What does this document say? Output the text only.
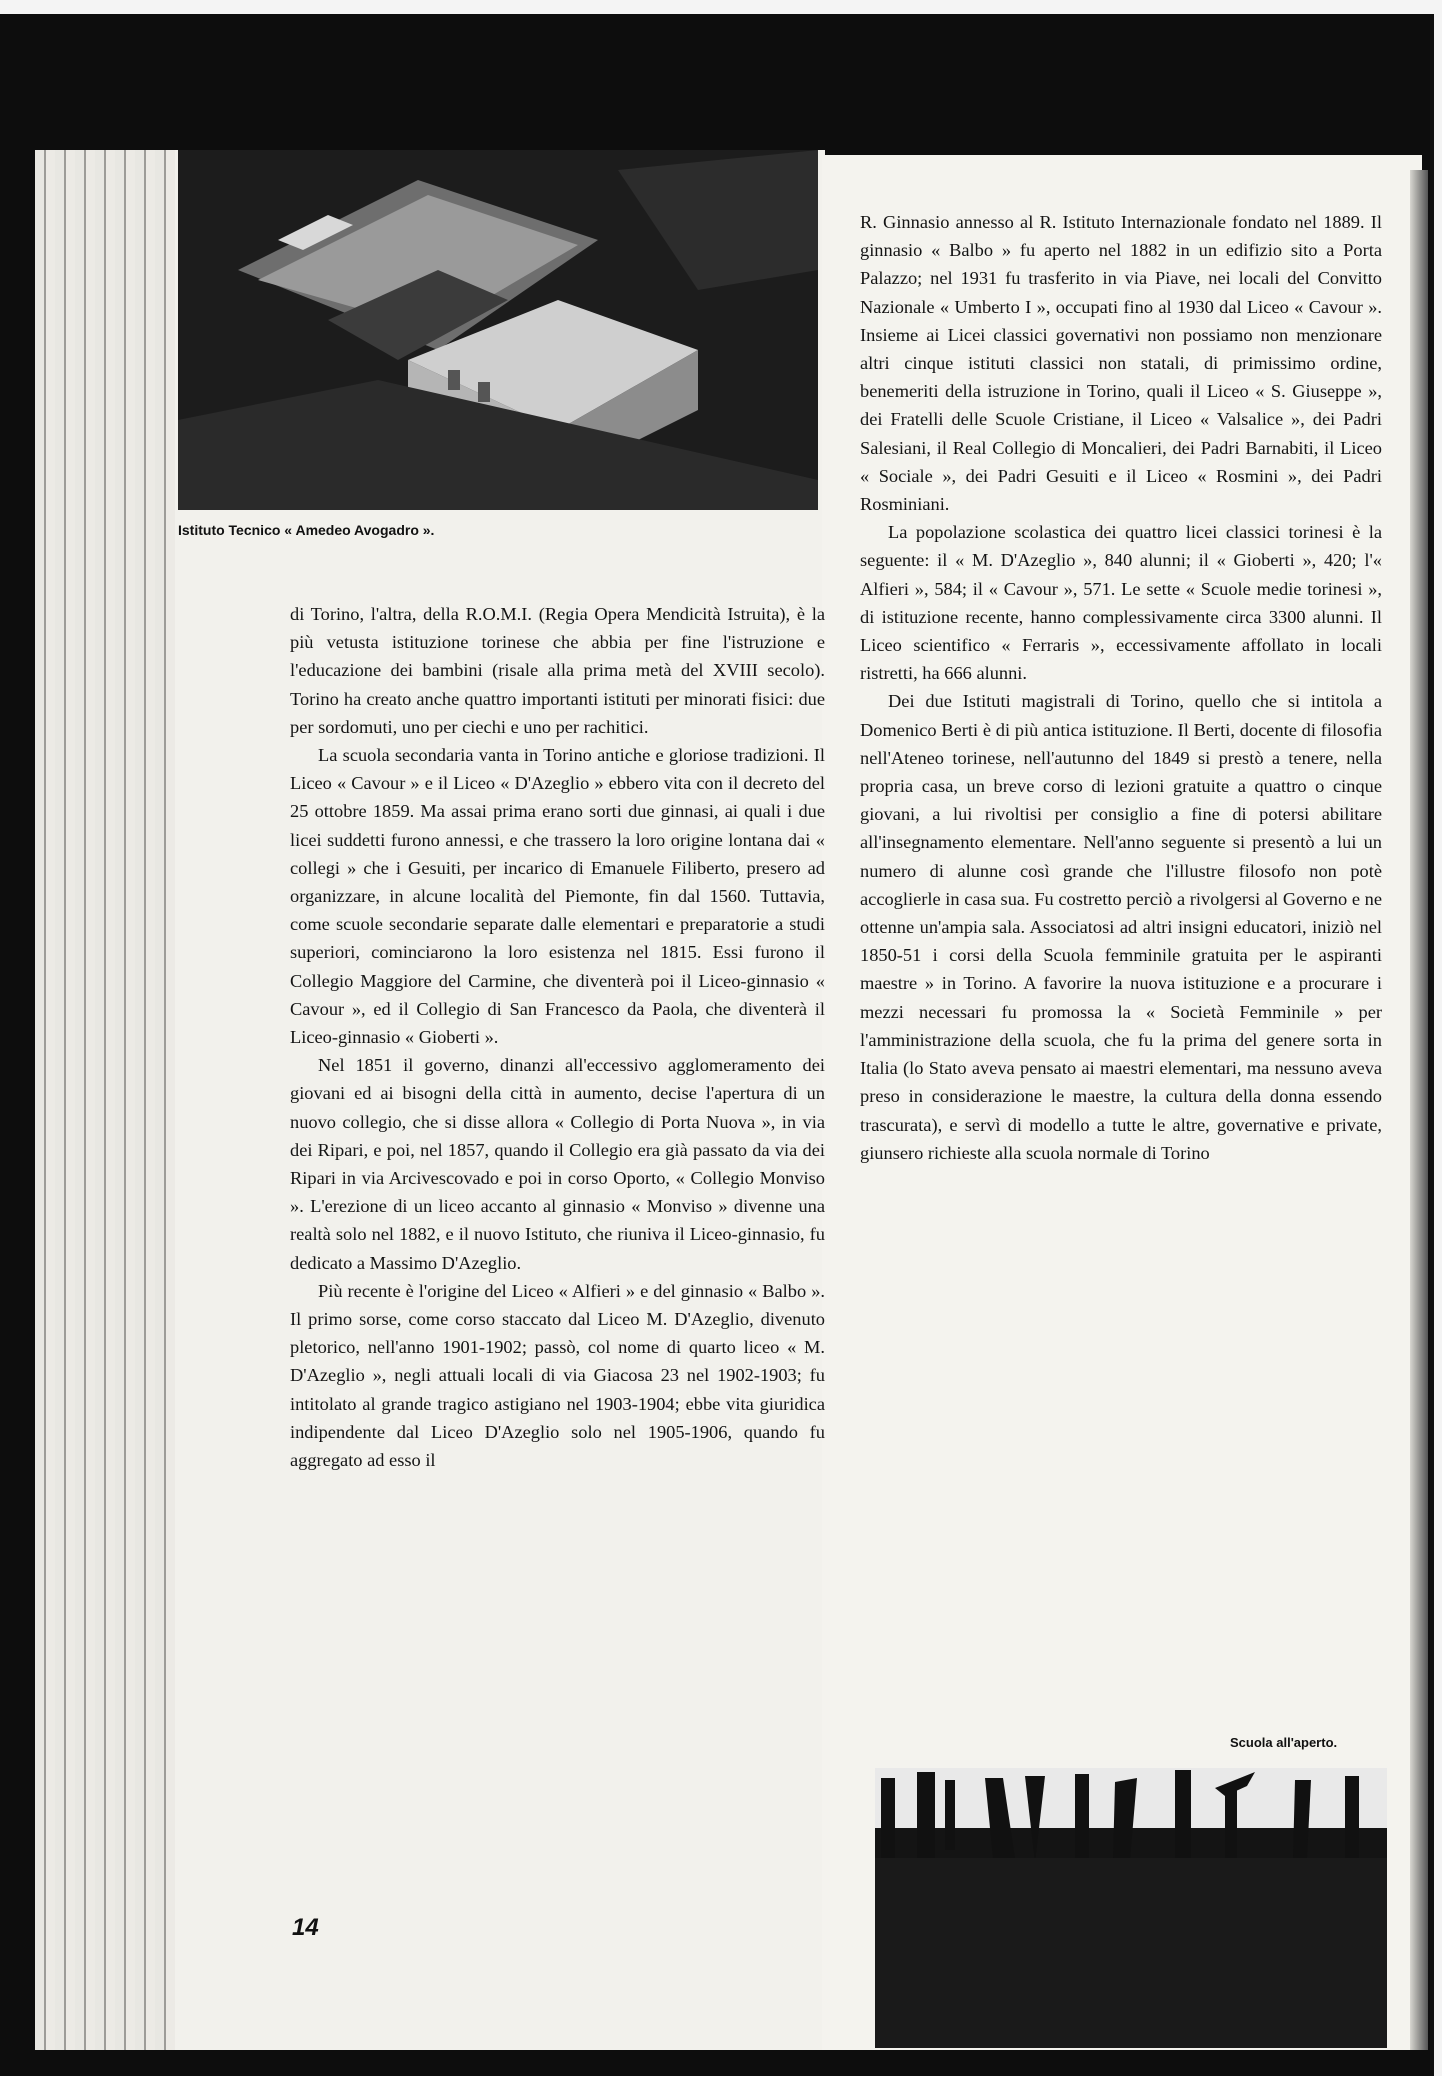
Istituto Tecnico « Amedeo Avogadro ».

di Torino, l'altra, della R.O.M.I. (Regia Opera Mendicità Istruita), è la più vetusta istituzione torinese che abbia per fine l'istruzione e l'educazione dei bambini (risale alla prima metà del XVIII secolo). Torino ha creato anche quattro importanti istituti per minorati fisici: due per sordomuti, uno per ciechi e uno per rachitici.

La scuola secondaria vanta in Torino antiche e gloriose tradizioni. Il Liceo « Cavour » e il Liceo « D'Azeglio » ebbero vita con il decreto del 25 ottobre 1859. Ma assai prima erano sorti due ginnasi, ai quali i due licei suddetti furono annessi, e che trassero la loro origine lontana dai « collegi » che i Gesuiti, per incarico di Emanuele Filiberto, presero ad organizzare, in alcune località del Piemonte, fin dal 1560. Tuttavia, come scuole secondarie separate dalle elementari e preparatorie a studi superiori, cominciarono la loro esistenza nel 1815. Essi furono il Collegio Maggiore del Carmine, che diventerà poi il Liceo-ginnasio « Cavour », ed il Collegio di San Francesco da Paola, che diventerà il Liceo-ginnasio « Gioberti ».

Nel 1851 il governo, dinanzi all'eccessivo agglomeramento dei giovani ed ai bisogni della città in aumento, decise l'apertura di un nuovo collegio, che si disse allora « Collegio di Porta Nuova », in via dei Ripari, e poi, nel 1857, quando il Collegio era già passato da via dei Ripari in via Arcivescovado e poi in corso Oporto, « Collegio Monviso ». L'erezione di un liceo accanto al ginnasio « Monviso » divenne una realtà solo nel 1882, e il nuovo Istituto, che riuniva il Liceo-ginnasio, fu dedicato a Massimo D'Azeglio.

Più recente è l'origine del Liceo « Alfieri » e del ginnasio « Balbo ». Il primo sorse, come corso staccato dal Liceo M. D'Azeglio, divenuto pletorico, nell'anno 1901-1902; passò, col nome di quarto liceo « M. D'Azeglio », negli attuali locali di via Giacosa 23 nel 1902-1903; fu intitolato al grande tragico astigiano nel 1903-1904; ebbe vita giuridica indipendente dal Liceo D'Azeglio solo nel 1905-1906, quando fu aggregato ad esso il

14

R. Ginnasio annesso al R. Istituto Internazionale fondato nel 1889. Il ginnasio « Balbo » fu aperto nel 1882 in un edifizio sito a Porta Palazzo; nel 1931 fu trasferito in via Piave, nei locali del Convitto Nazionale « Umberto I », occupati fino al 1930 dal Liceo « Cavour ». Insieme ai Licei classici governativi non possiamo non menzionare altri cinque istituti classici non statali, di primissimo ordine, benemeriti della istruzione in Torino, quali il Liceo « S. Giuseppe », dei Fratelli delle Scuole Cristiane, il Liceo « Valsalice », dei Padri Salesiani, il Real Collegio di Moncalieri, dei Padri Barnabiti, il Liceo « Sociale », dei Padri Gesuiti e il Liceo « Rosmini », dei Padri Rosminiani.

La popolazione scolastica dei quattro licei classici torinesi è la seguente: il « M. D'Azeglio », 840 alunni; il « Gioberti », 420; l'« Alfieri », 584; il « Cavour », 571. Le sette « Scuole medie torinesi », di istituzione recente, hanno complessivamente circa 3300 alunni. Il Liceo scientifico « Ferraris », eccessivamente affollato in locali ristretti, ha 666 alunni.

Dei due Istituti magistrali di Torino, quello che si intitola a Domenico Berti è di più antica istituzione. Il Berti, docente di filosofia nell'Ateneo torinese, nell'autunno del 1849 si prestò a tenere, nella propria casa, un breve corso di lezioni gratuite a quattro o cinque giovani, a lui rivoltisi per consiglio a fine di potersi abilitare all'insegnamento elementare. Nell'anno seguente si presentò a lui un numero di alunne così grande che l'illustre filosofo non potè accoglierle in casa sua. Fu costretto perciò a rivolgersi al Governo e ne ottenne un'ampia sala. Associatosi ad altri insigni educatori, iniziò nel 1850-51 i corsi della Scuola femminile gratuita per le aspiranti maestre » in Torino. A favorire la nuova istituzione e a procurare i mezzi necessari fu promossa la « Società Femminile » per l'amministrazione della scuola, che fu la prima del genere sorta in Italia (lo Stato aveva pensato ai maestri elementari, ma nessuno aveva preso in considerazione le maestre, la cultura della donna essendo trascurata), e servì di modello a tutte le altre, governative e private, giunsero richieste alla scuola normale di Torino

Scuola all'aperto.
